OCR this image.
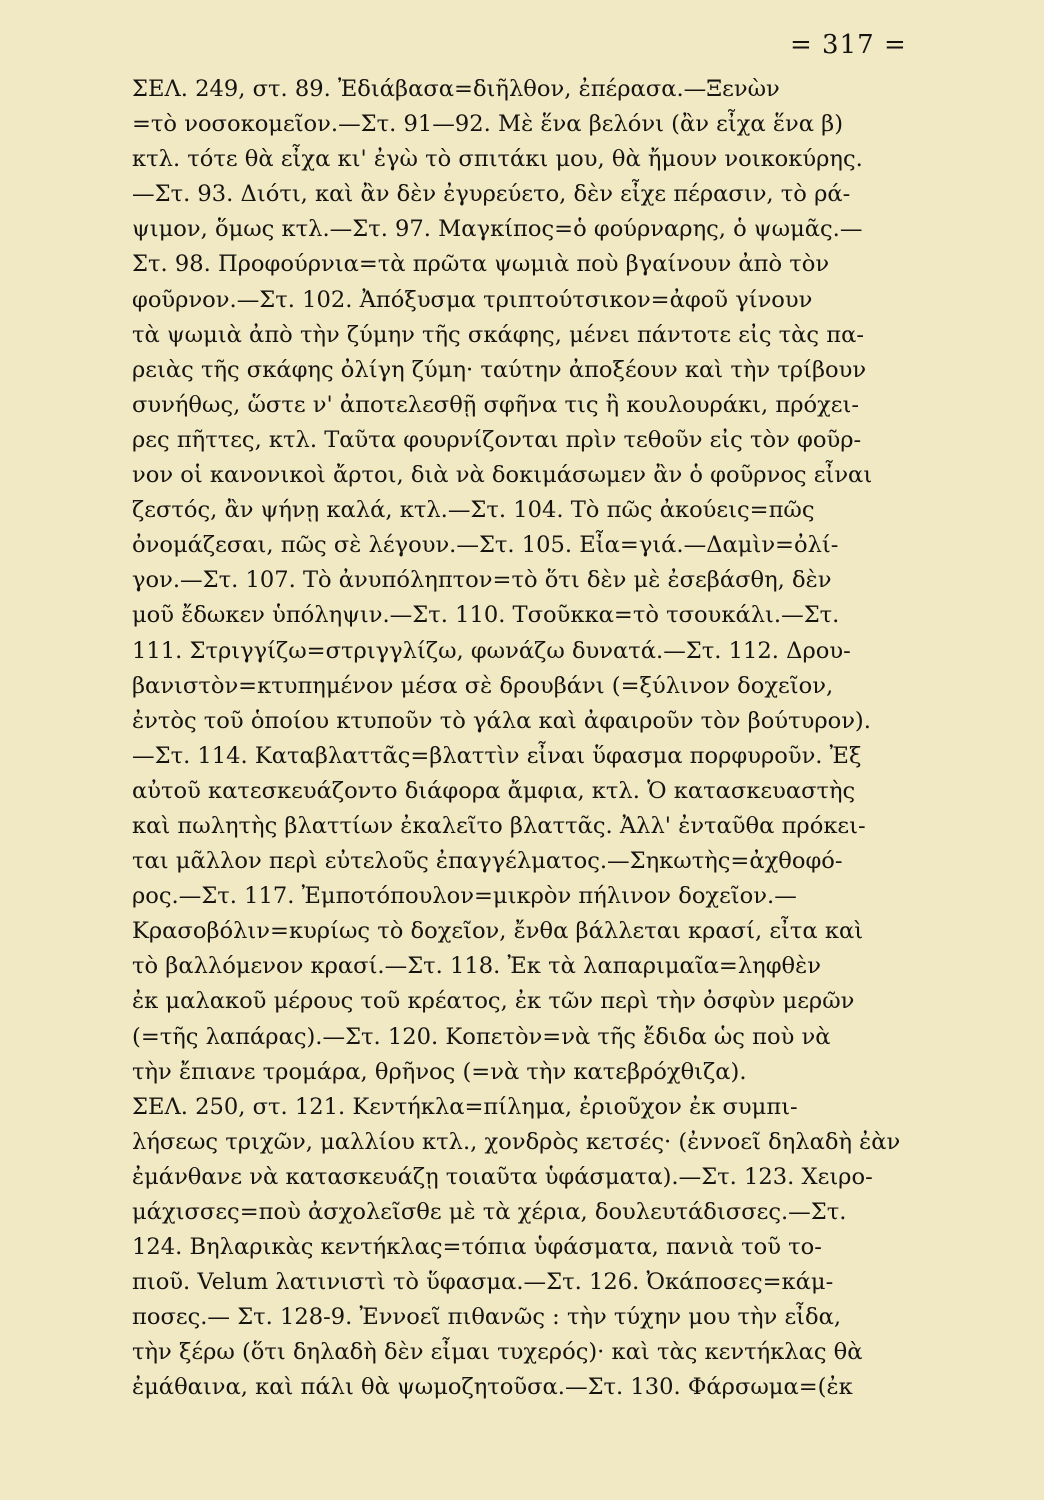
= 317 =
ΣΕΛ. 249, στ. 89. Ἐδιάβασα=διῆλθον, ἐπέρασα.—Ξενὼν
=τὸ νοσοκομεῖον.—Στ. 91—92. Μὲ ἕνα βελόνι (ἂν εἶχα ἕνα β)
κτλ. τότε θὰ εἶχα κι' ἐγὼ τὸ σπιτάκι μου, θὰ ἤμουν νοικοκύρης.
—Στ. 93. Διότι, καὶ ἂν δὲν ἐγυρεύετο, δὲν εἶχε πέρασιν, τὸ ρά-
ψιμον, ὅμως κτλ.—Στ. 97. Μαγκίπος=ὁ φούρναρης, ὁ ψωμᾶς.—
Στ. 98. Προφούρνια=τὰ πρῶτα ψωμιὰ ποὺ βγαίνουν ἀπὸ τὸν
φοῦρνον.—Στ. 102. Ἀπόξυσμα τριπτούτσικον=ἀφοῦ γίνουν
τὰ ψωμιὰ ἀπὸ τὴν ζύμην τῆς σκάφης, μένει πάντοτε εἰς τὰς πα-
ρειὰς τῆς σκάφης ὀλίγη ζύμη· ταύτην ἀποξέουν καὶ τὴν τρίβουν
συνήθως, ὥστε ν' ἀποτελεσθῇ σφῆνα τις ἢ κουλουράκι, πρόχει-
ρες πῆττες, κτλ. Ταῦτα φουρνίζονται πρὶν τεθοῦν εἰς τὸν φοῦρ-
νον οἱ κανονικοὶ ἄρτοι, διὰ νὰ δοκιμάσωμεν ἂν ὁ φοῦρνος εἶναι
ζεστός, ἂν ψήνῃ καλά, κτλ.—Στ. 104. Τὸ πῶς ἀκούεις=πῶς
ὀνομάζεσαι, πῶς σὲ λέγουν.—Στ. 105. Εἶα=γιά.—Δαμὶν=ὀλί-
γον.—Στ. 107. Τὸ ἀνυπόληπτον=τὸ ὅτι δὲν μὲ ἐσεβάσθη, δὲν
μοῦ ἔδωκεν ὑπόληψιν.—Στ. 110. Τσοῦκκα=τὸ τσουκάλι.—Στ.
111. Στριγγίζω=στριγγλίζω, φωνάζω δυνατά.—Στ. 112. Δρου-
βανιστὸν=κτυπημένον μέσα σὲ δρουβάνι (=ξύλινον δοχεῖον,
ἐντὸς τοῦ ὁποίου κτυποῦν τὸ γάλα καὶ ἀφαιροῦν τὸν βούτυρον).
—Στ. 114. Καταβλαττᾶς=βλαττὶν εἶναι ὕφασμα πορφυροῦν. Ἐξ
αὐτοῦ κατεσκευάζοντο διάφορα ἄμφια, κτλ. Ὁ κατασκευαστὴς
καὶ πωλητὴς βλαττίων ἐκαλεῖτο βλαττᾶς. Ἀλλ' ἐνταῦθα πρόκει-
ται μᾶλλον περὶ εὐτελοῦς ἐπαγγέλματος.—Σηκωτὴς=ἀχθοφό-
ρος.—Στ. 117. Ἐμποτόπουλον=μικρὸν πήλινον δοχεῖον.—
Κρασοβόλιν=κυρίως τὸ δοχεῖον, ἔνθα βάλλεται κρασί, εἶτα καὶ
τὸ βαλλόμενον κρασί.—Στ. 118. Ἐκ τὰ λαπαριμαῖα=ληφθὲν
ἐκ μαλακοῦ μέρους τοῦ κρέατος, ἐκ τῶν περὶ τὴν ὀσφὺν μερῶν
(=τῆς λαπάρας).—Στ. 120. Κοπετὸν=νὰ τῆς ἔδιδα ὡς ποὺ νὰ
τὴν ἔπιανε τρομάρα, θρῆνος (=νὰ τὴν κατεβρόχθιζα).
ΣΕΛ. 250, στ. 121. Κεντήκλα=πίλημα, ἐριοῦχον ἐκ συμπι-
λήσεως τριχῶν, μαλλίου κτλ., χονδρὸς κετσές· (ἐννοεῖ δηλαδὴ ἐὰν
ἐμάνθανε νὰ κατασκευάζῃ τοιαῦτα ὑφάσματα).—Στ. 123. Χειρο-
μάχισσες=ποὺ ἀσχολεῖσθε μὲ τὰ χέρια, δουλευτάδισσες.—Στ.
124. Βηλαρικὰς κεντήκλας=τόπια ὑφάσματα, πανιὰ τοῦ το-
πιοῦ. Velum λατινιστὶ τὸ ὕφασμα.—Στ. 126. Ὀκάποσες=κάμ-
ποσες.— Στ. 128-9. Ἐννοεῖ πιθανῶς : τὴν τύχην μου τὴν εἶδα,
τὴν ξέρω (ὅτι δηλαδὴ δὲν εἶμαι τυχερός)· καὶ τὰς κεντήκλας θὰ
ἐμάθαινα, καὶ πάλι θὰ ψωμοζητοῦσα.—Στ. 130. Φάρσωμα=(ἐκ
